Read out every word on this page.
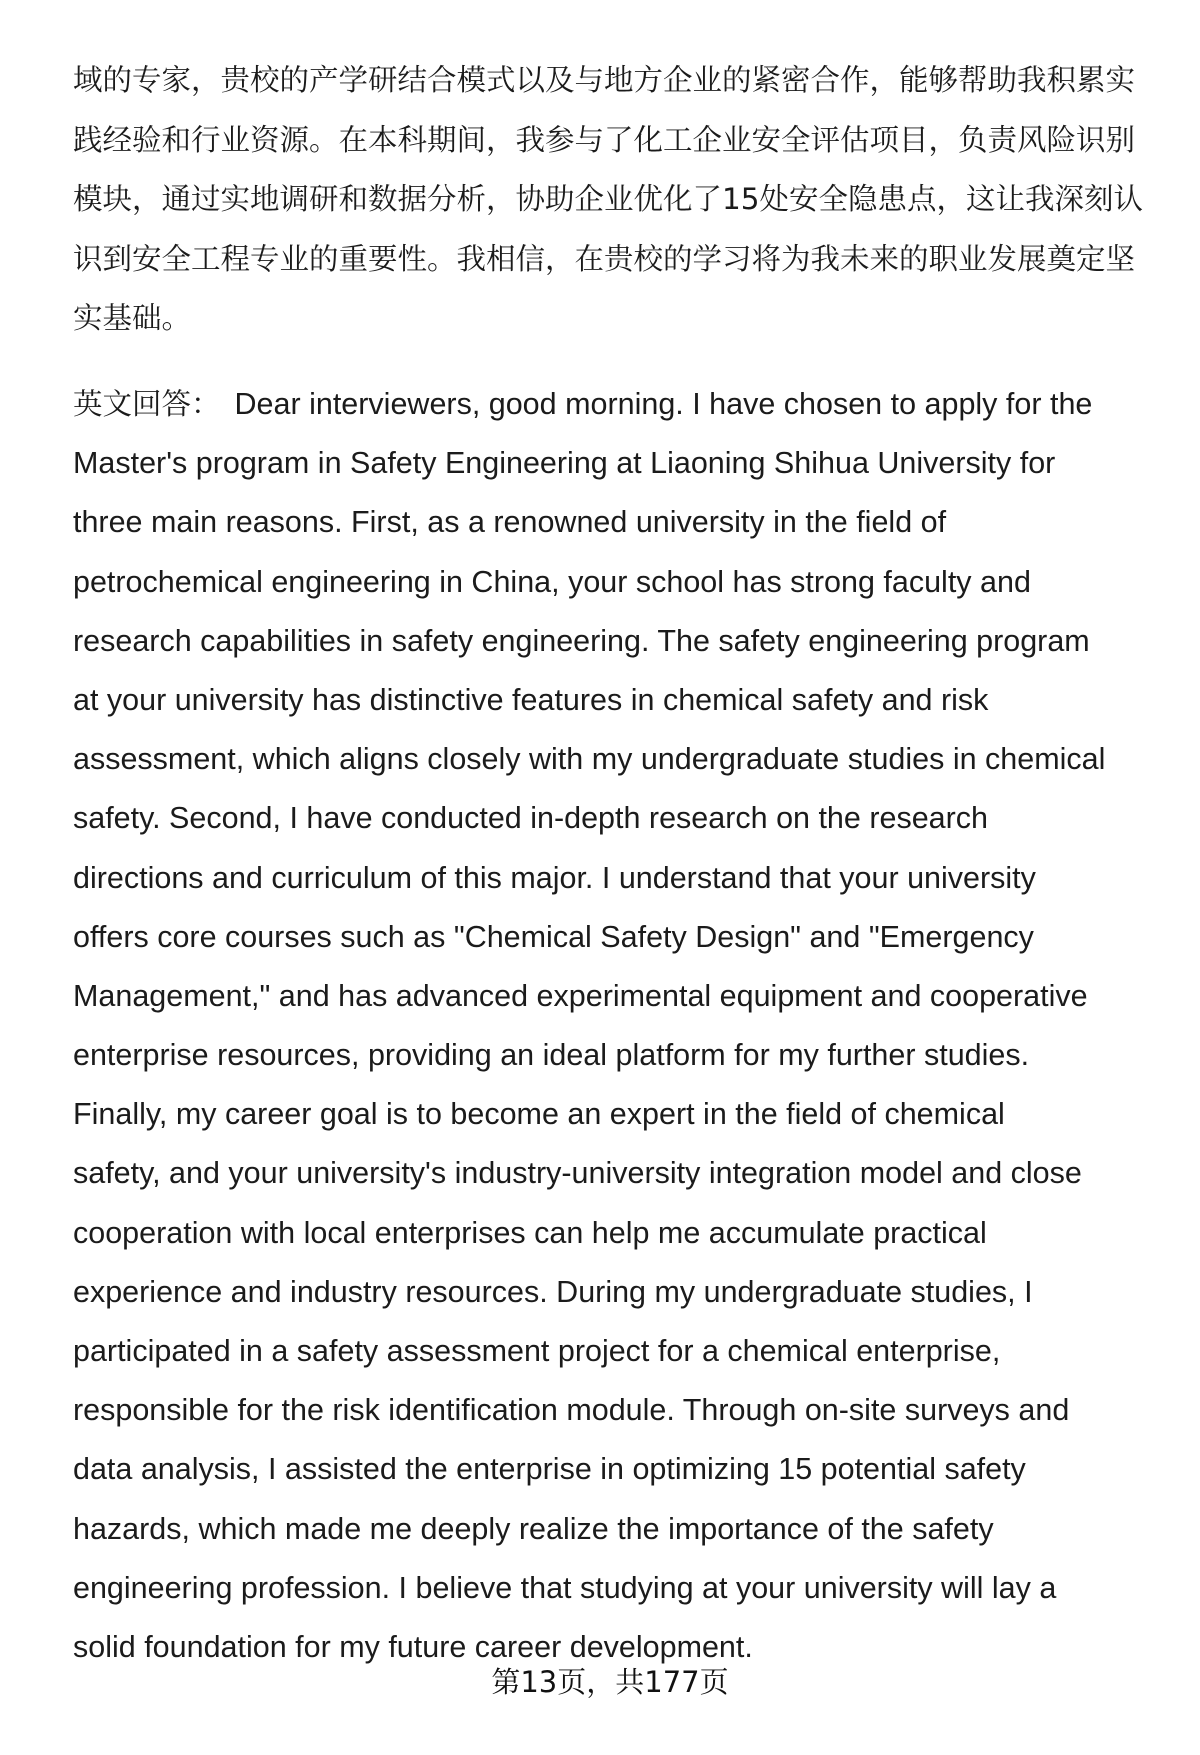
域的专家，贵校的产学研结合模式以及与地方企业的紧密合作，能够帮助我积累实
践经验和行业资源。在本科期间，我参与了化工企业安全评估项目，负责风险识别
模块，通过实地调研和数据分析，协助企业优化了15处安全隐患点，这让我深刻认
识到安全工程专业的重要性。我相信，在贵校的学习将为我未来的职业发展奠定坚
实基础。
英文回答： Dear interviewers, good morning. I have chosen to apply for the
Master's program in Safety Engineering at Liaoning Shihua University for
three main reasons. First, as a renowned university in the field of
petrochemical engineering in China, your school has strong faculty and
research capabilities in safety engineering. The safety engineering program
at your university has distinctive features in chemical safety and risk
assessment, which aligns closely with my undergraduate studies in chemical
safety. Second, I have conducted in-depth research on the research
directions and curriculum of this major. I understand that your university
offers core courses such as "Chemical Safety Design" and "Emergency
Management," and has advanced experimental equipment and cooperative
enterprise resources, providing an ideal platform for my further studies.
Finally, my career goal is to become an expert in the field of chemical
safety, and your university's industry-university integration model and close
cooperation with local enterprises can help me accumulate practical
experience and industry resources. During my undergraduate studies, I
participated in a safety assessment project for a chemical enterprise,
responsible for the risk identification module. Through on-site surveys and
data analysis, I assisted the enterprise in optimizing 15 potential safety
hazards, which made me deeply realize the importance of the safety
engineering profession. I believe that studying at your university will lay a
solid foundation for my future career development.
第13页，共177页
